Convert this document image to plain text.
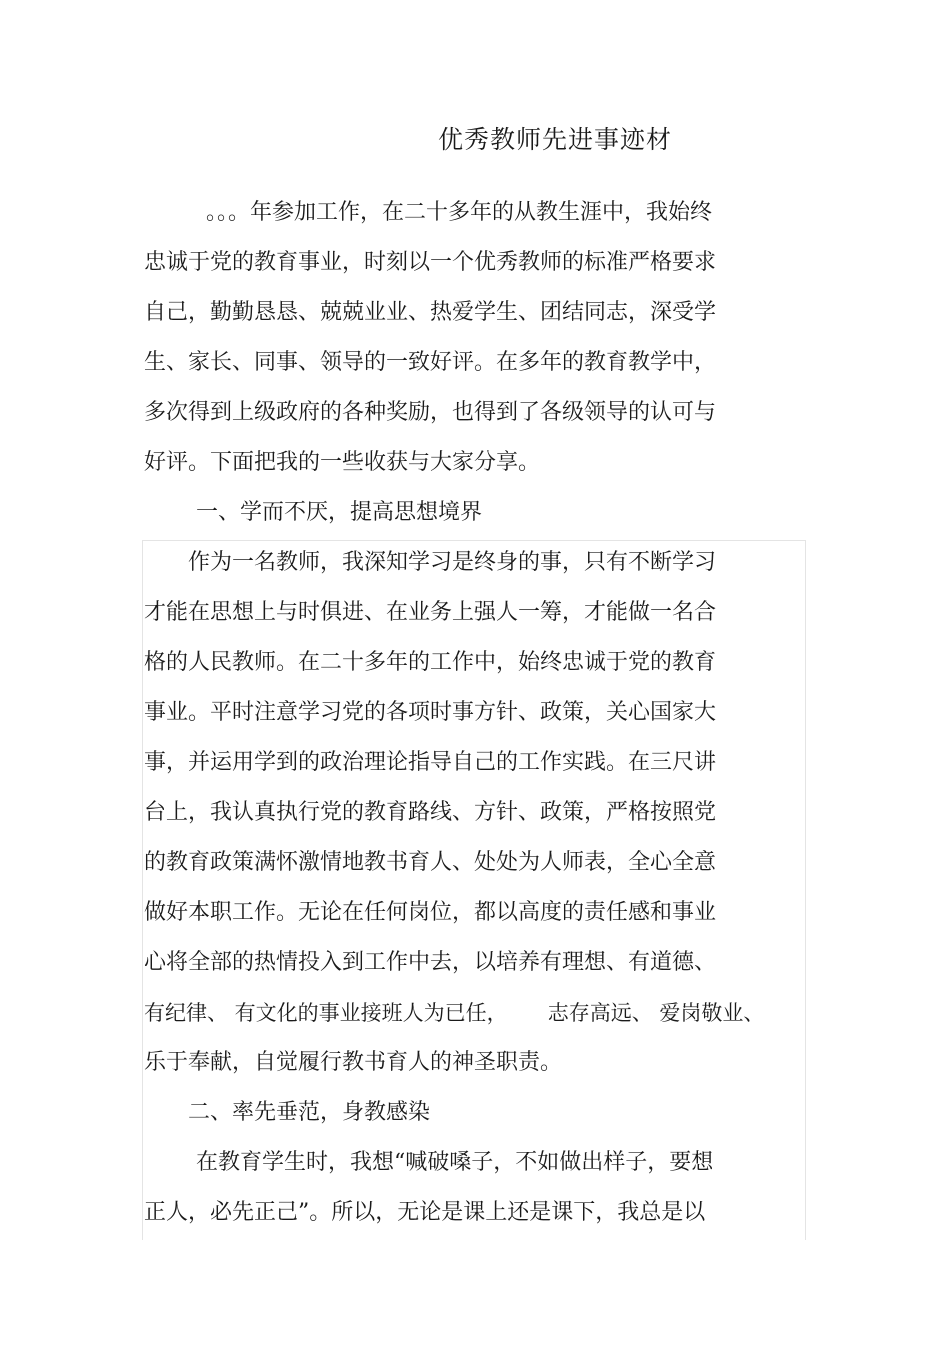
优秀教师先进事迹材
。。。年参加工作，在二十多年的从教生涯中，我始终
忠诚于党的教育事业，时刻以一个优秀教师的标准严格要求
自己，勤勤恳恳、兢兢业业、热爱学生、团结同志，深受学
生、家长、同事、领导的一致好评。在多年的教育教学中，
多次得到上级政府的各种奖励，也得到了各级领导的认可与
好评。下面把我的一些收获与大家分享。
一、学而不厌，提高思想境界
作为一名教师，我深知学习是终身的事，只有不断学习
才能在思想上与时俱进、在业务上强人一筹，才能做一名合
格的人民教师。在二十多年的工作中，始终忠诚于党的教育
事业。平时注意学习党的各项时事方针、政策，关心国家大
事，并运用学到的政治理论指导自己的工作实践。在三尺讲
台上，我认真执行党的教育路线、方针、政策，严格按照党
的教育政策满怀激情地教书育人、处处为人师表，全心全意
做好本职工作。无论在任何岗位，都以高度的责任感和事业
心将全部的热情投入到工作中去，以培养有理想、有道德、
有纪律、 有文化的事业接班人为已任，      志存高远、 爱岗敬业、
乐于奉献，自觉履行教书育人的神圣职责。
二、率先垂范，身教感染
在教育学生时，我想“喊破嗓子，不如做出样子，要想
正人，必先正己”。所以，无论是课上还是课下，我总是以
